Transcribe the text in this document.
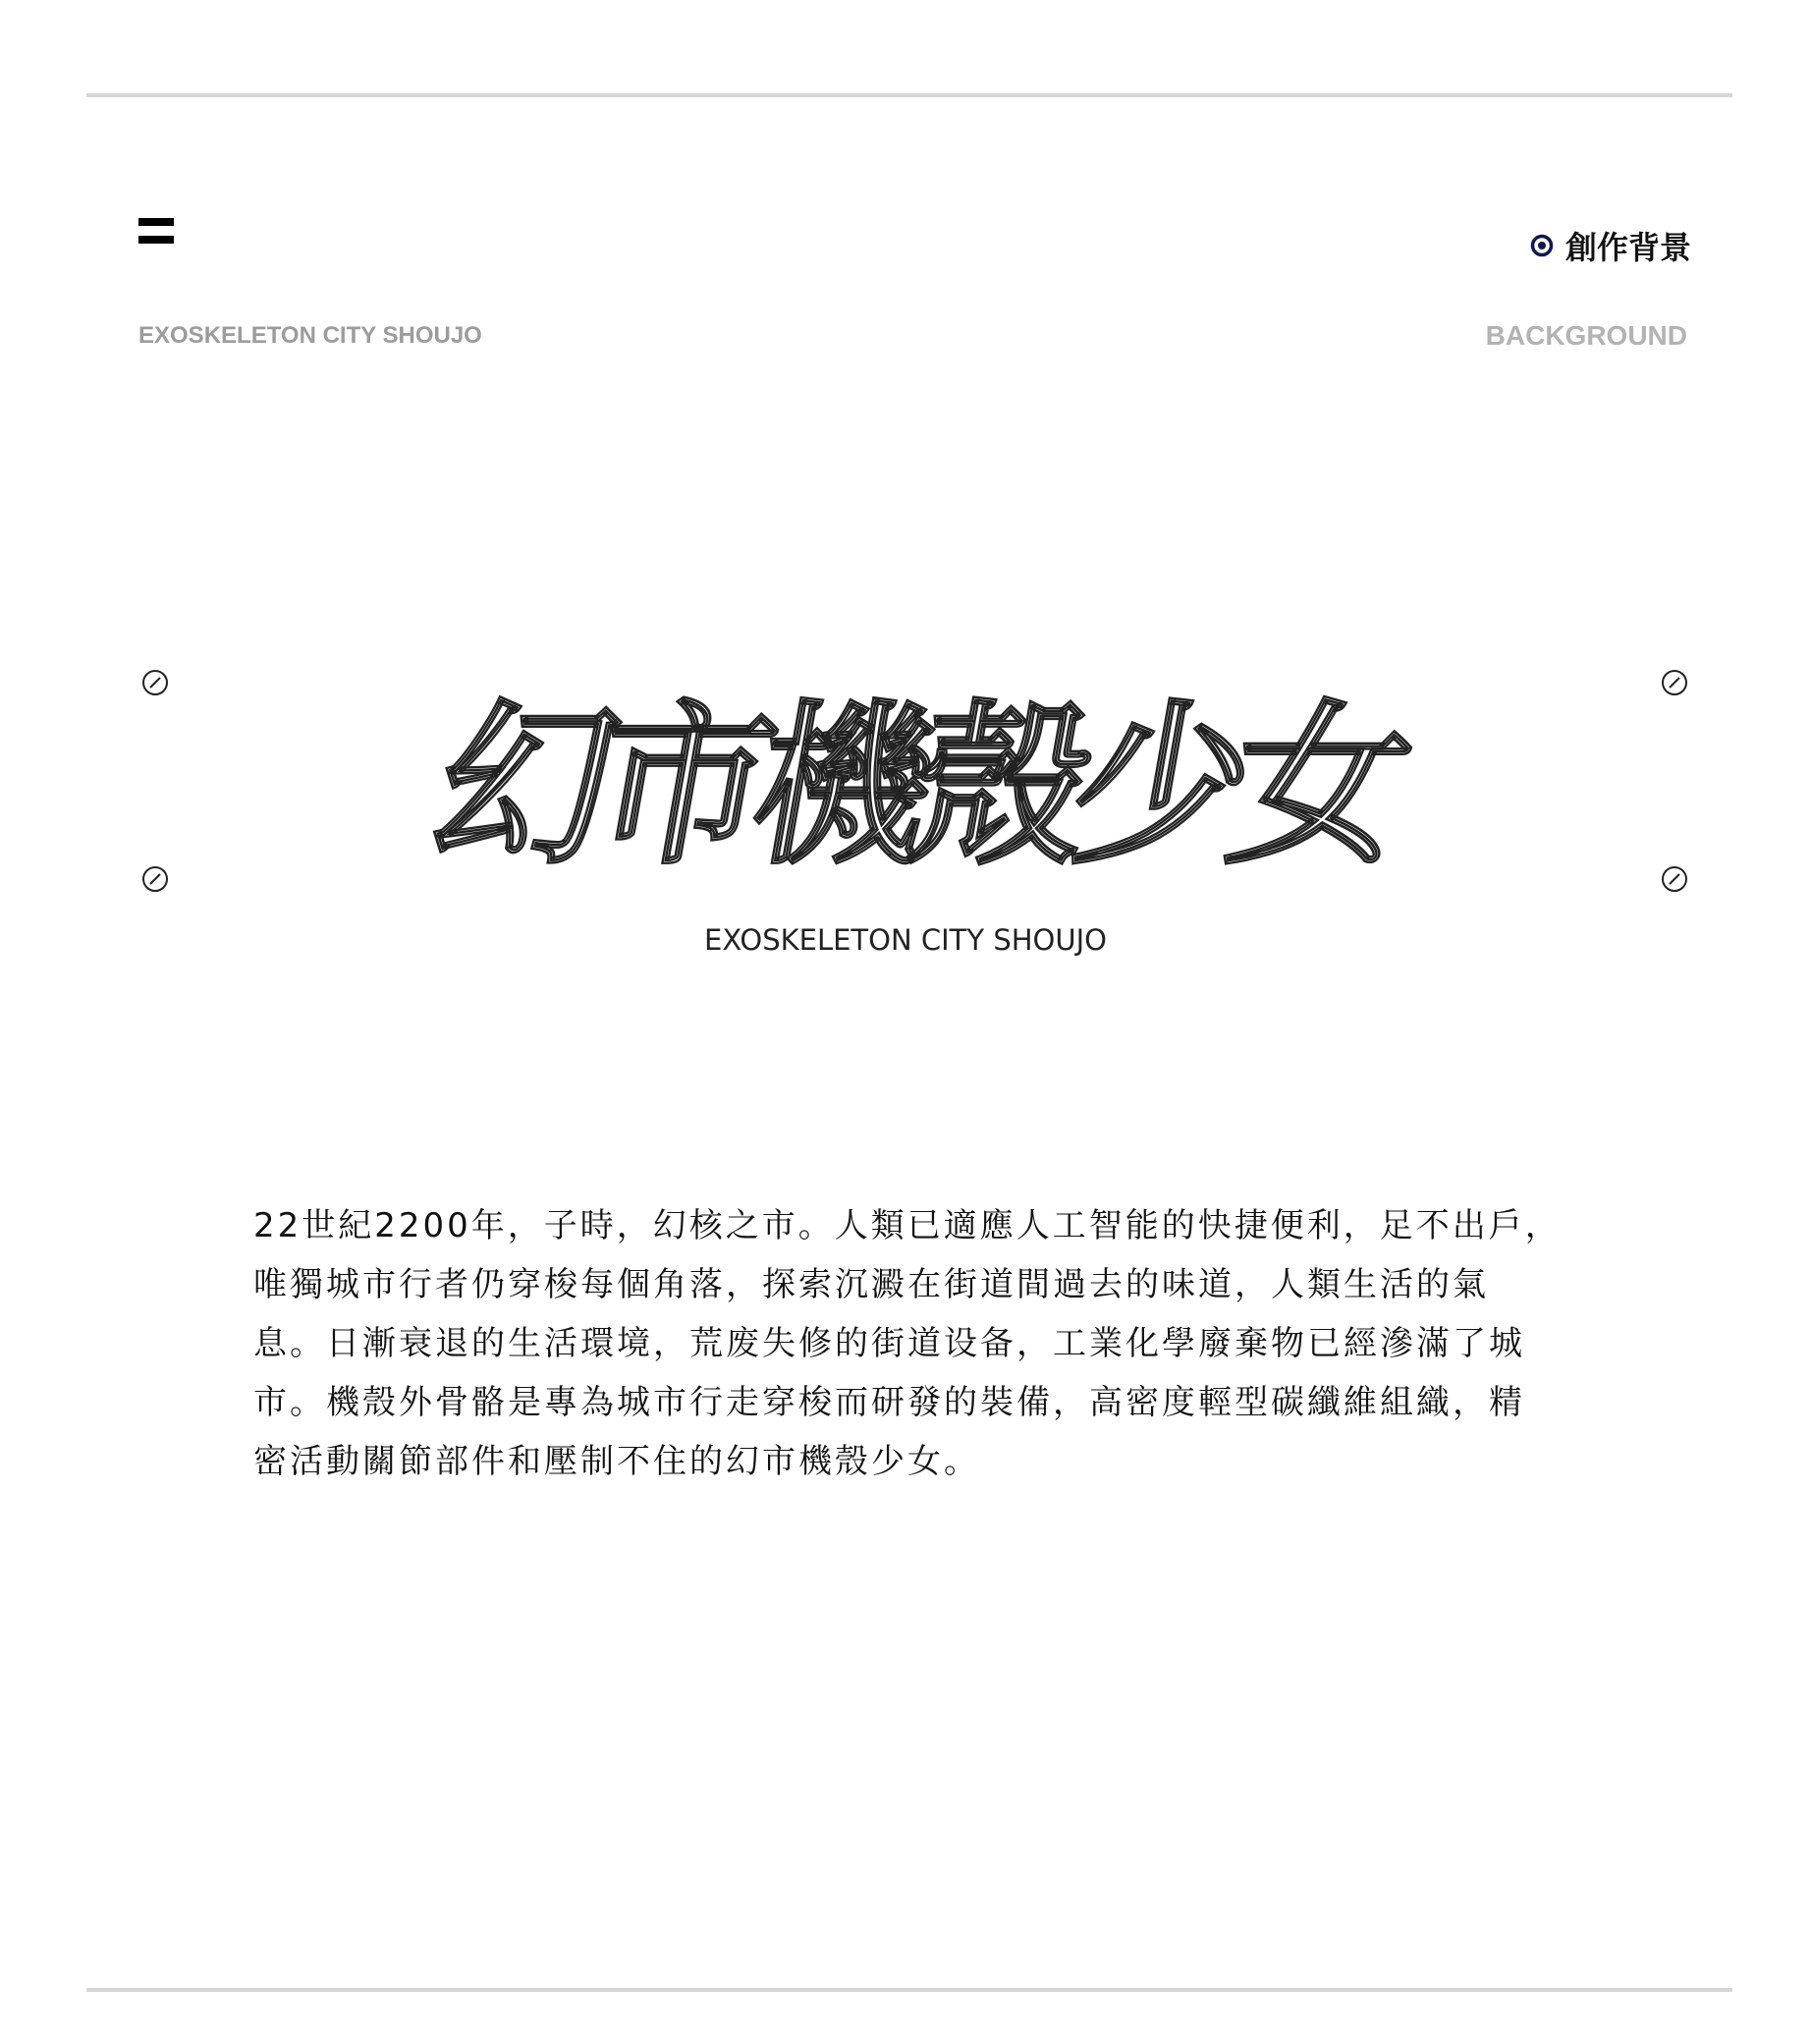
創作背景
EXOSKELETON CITY SHOUJO	BACKGROUND
幻市機殼少女
EXOSKELETON CITY SHOUJO

22世紀2200年，子時，幻核之市。人類已適應人工智能的快捷便利，足不出戶，

唯獨城市行者仍穿梭每個角落，探索沉澱在街道間過去的味道，人類生活的氣

息。日漸衰退的生活環境，荒废失修的街道设备，工業化學廢棄物已經滲滿了城

市。機殼外骨骼是專為城市行走穿梭而研發的裝備，高密度輕型碳纖維組織，精

密活動關節部件和壓制不住的幻市機殼少女。
